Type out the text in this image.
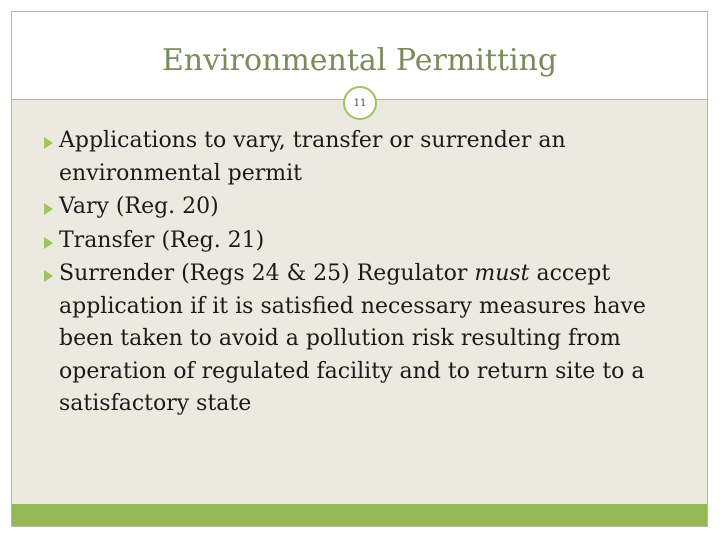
Environmental Permitting
11
Applications to vary, transfer or surrender an environmental permit
Vary (Reg. 20)
Transfer (Reg. 21)
Surrender (Regs 24 & 25) Regulator must accept application if it is satisfied necessary measures have been taken to avoid a pollution risk resulting from operation of regulated facility and to return site to a satisfactory state
